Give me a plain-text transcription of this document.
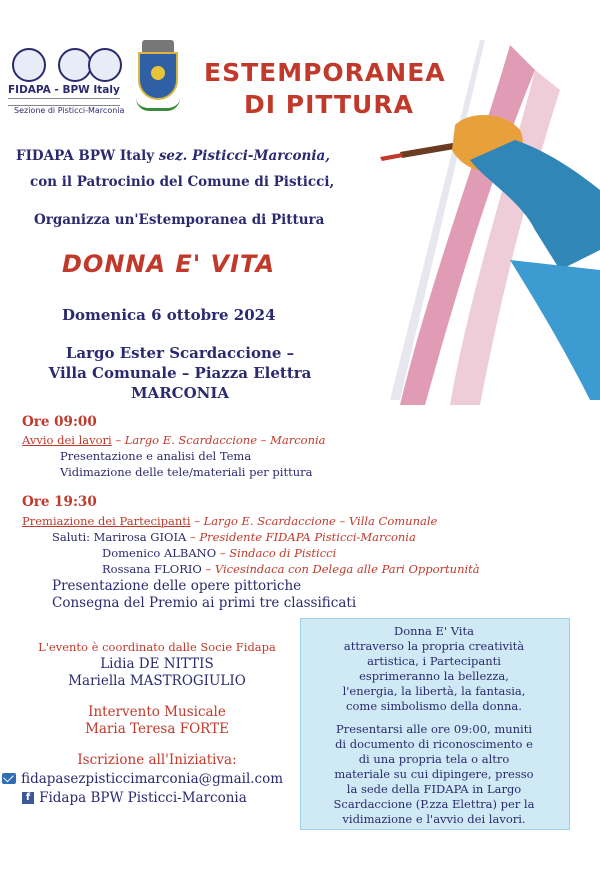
FIDAPA - BPW Italy
Sezione di Pisticci-Marconia
ESTEMPORANEA
DI PITTURA
FIDAPA BPW Italy sez. Pisticci-Marconia,
con il Patrocinio del Comune di Pisticci,
Organizza un'Estemporanea di Pittura
DONNA E' VITA
Domenica 6 ottobre 2024
Largo Ester Scardaccione –
Villa Comunale – Piazza Elettra
MARCONIA
Ore 09:00
Avvio dei lavori – Largo E. Scardaccione – Marconia
Presentazione e analisi del Tema
Vidimazione delle tele/materiali per pittura
Ore 19:30
Premiazione dei Partecipanti – Largo E. Scardaccione – Villa Comunale
Saluti: Marirosa GIOIA – Presidente FIDAPA Pisticci-Marconia
Domenico ALBANO – Sindaco di Pisticci
Rossana FLORIO – Vicesindaca con Delega alle Pari Opportunità
Presentazione delle opere pittoriche
Consegna del Premio ai primi tre classificati
L'evento è coordinato dalle Socie Fidapa
Lidia DE NITTIS
Mariella MASTROGIULIO
Intervento Musicale
Maria Teresa FORTE
Iscrizione all'Iniziativa:
fidapasezpisticcimarconia@gmail.com
f Fidapa BPW Pisticci-Marconia
Donna E' Vita
attraverso la propria creatività
artistica, i Partecipanti
esprimeranno la bellezza,
l'energia, la libertà, la fantasia,
come simbolismo della donna.
Presentarsi alle ore 09:00, muniti
di documento di riconoscimento e
di una propria tela o altro
materiale su cui dipingere, presso
la sede della FIDAPA in Largo
Scardaccione (P.zza Elettra) per la
vidimazione e l'avvio dei lavori.
